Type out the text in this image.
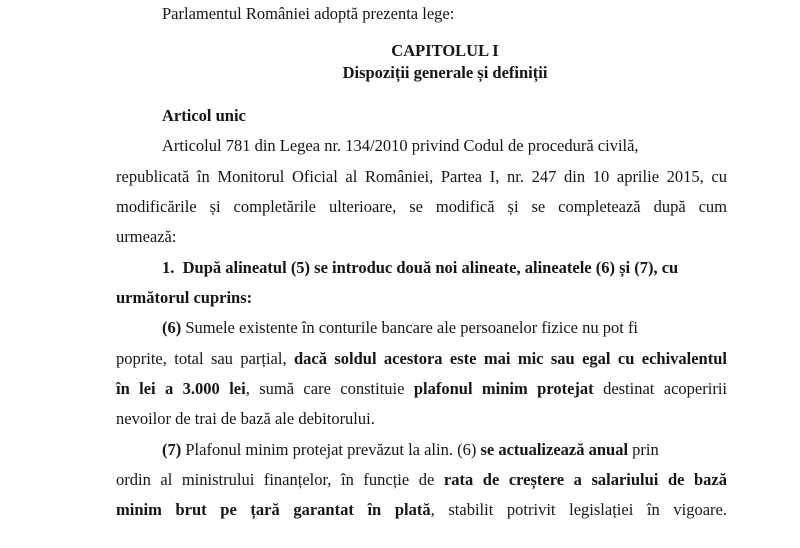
Parlamentul României adoptă prezenta lege:
CAPITOLUL I
Dispoziții generale și definiții
Articol unic
Articolul 781 din Legea nr. 134/2010 privind Codul de procedură civilă,
republicată în Monitorul Oficial al României, Partea I, nr. 247 din 10 aprilie 2015, cu
modificările și completările ulterioare, se modifică și se completează după cum
urmează:
1.  După alineatul (5) se introduc două noi alineate, alineatele (6) și (7), cu
următorul cuprins:
(6) Sumele existente în conturile bancare ale persoanelor fizice nu pot fi
poprite, total sau parțial, dacă soldul acestora este mai mic sau egal cu echivalentul
în lei a 3.000 lei, sumă care constituie plafonul minim protejat destinat acoperirii
nevoilor de trai de bază ale debitorului.
(7) Plafonul minim protejat prevăzut la alin. (6) se actualizează anual prin
ordin al ministrului finanțelor, în funcție de rata de creștere a salariului de bază
minim brut pe țară garantat în plată, stabilit potrivit legislației în vigoare.
